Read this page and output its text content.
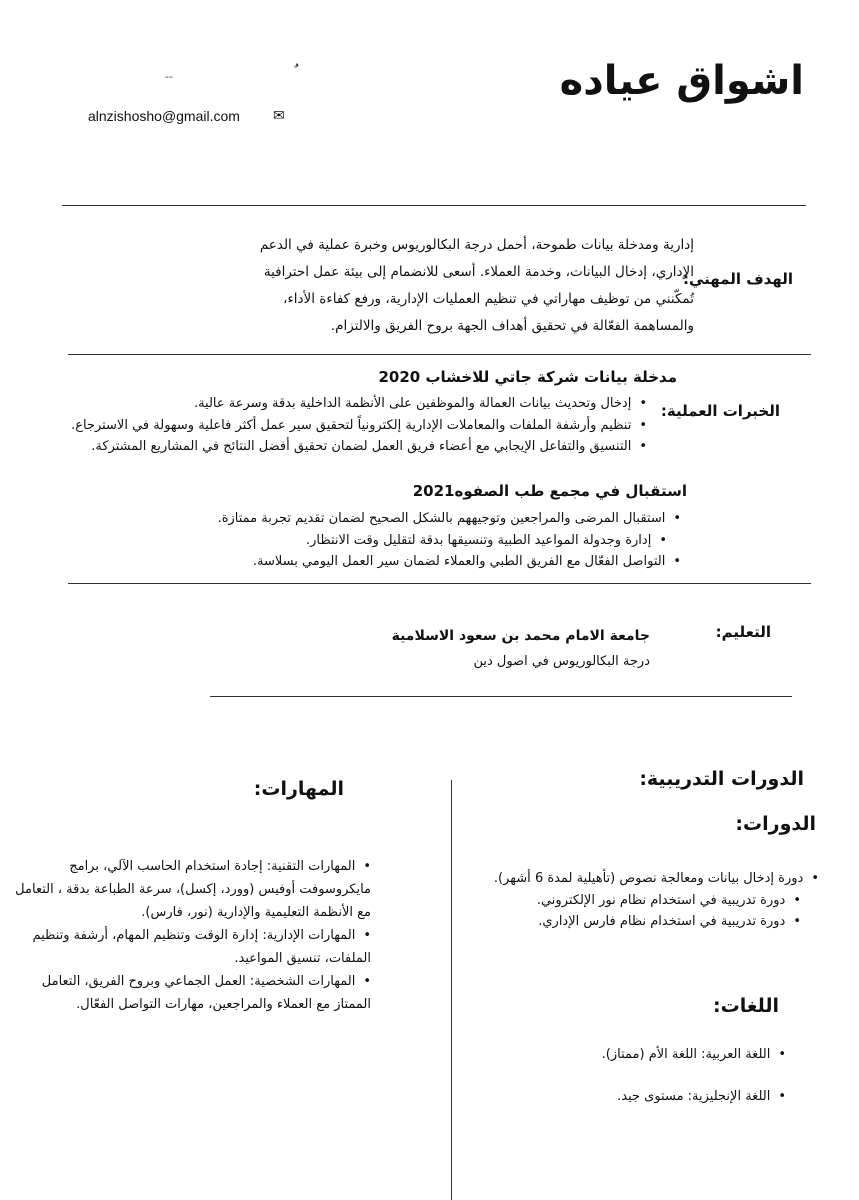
اشواق عياده
--
alnzishosho@gmail.com ✉
الهدف المهني:
إدارية ومدخلة بيانات طموحة، أحمل درجة البكالوريوس وخبرة عملية في الدعم
الإداري، إدخال البيانات، وخدمة العملاء. أسعى للانضمام إلى بيئة عمل احترافية
تُمكّنني من توظيف مهاراتي في تنظيم العمليات الإدارية، ورفع كفاءة الأداء،
والمساهمة الفعّالة في تحقيق أهداف الجهة بروح الفريق والالتزام.
الخبرات العملية:
مدخلة بيانات شركة جاتي للاخشاب 2020
• إدخال وتحديث بيانات العمالة والموظفين على الأنظمة الداخلية بدقة وسرعة عالية.
• تنظيم وأرشفة الملفات والمعاملات الإدارية إلكترونياً لتحقيق سير عمل أكثر فاعلية وسهولة في الاسترجاع.
• التنسيق والتفاعل الإيجابي مع أعضاء فريق العمل لضمان تحقيق أفضل النتائج في المشاريع المشتركة.
استقبال في مجمع طب الصفوه2021
• استقبال المرضى والمراجعين وتوجيههم بالشكل الصحيح لضمان تقديم تجربة ممتازة.
• إدارة وجدولة المواعيد الطبية وتنسيقها بدقة لتقليل وقت الانتظار.
• التواصل الفعّال مع الفريق الطبي والعملاء لضمان سير العمل اليومي بسلاسة.
التعليم:
جامعة الامام محمد بن سعود الاسلامية
درجة البكالوريوس في اصول دين
الدورات التدريبية:
الدورات:
• دورة إدخال بيانات ومعالجة نصوص (تأهيلية لمدة 6 أشهر).
• دورة تدريبية في استخدام نظام نور الإلكتروني.
• دورة تدريبية في استخدام نظام فارس الإداري.
اللغات:
• اللغة العربية: اللغة الأم (ممتاز).
• اللغة الإنجليزية: مستوى جيد.
المهارات:
• المهارات التقنية: إجادة استخدام الحاسب الآلي، برامج مايكروسوفت أوفيس (وورد، إكسل)، سرعة الطباعة بدقة ، التعامل مع الأنظمة التعليمية والإدارية (نور، فارس).
• المهارات الإدارية: إدارة الوقت وتنظيم المهام، أرشفة وتنظيم الملفات، تنسيق المواعيد.
• المهارات الشخصية: العمل الجماعي وبروح الفريق، التعامل الممتاز مع العملاء والمراجعين، مهارات التواصل الفعّال.
